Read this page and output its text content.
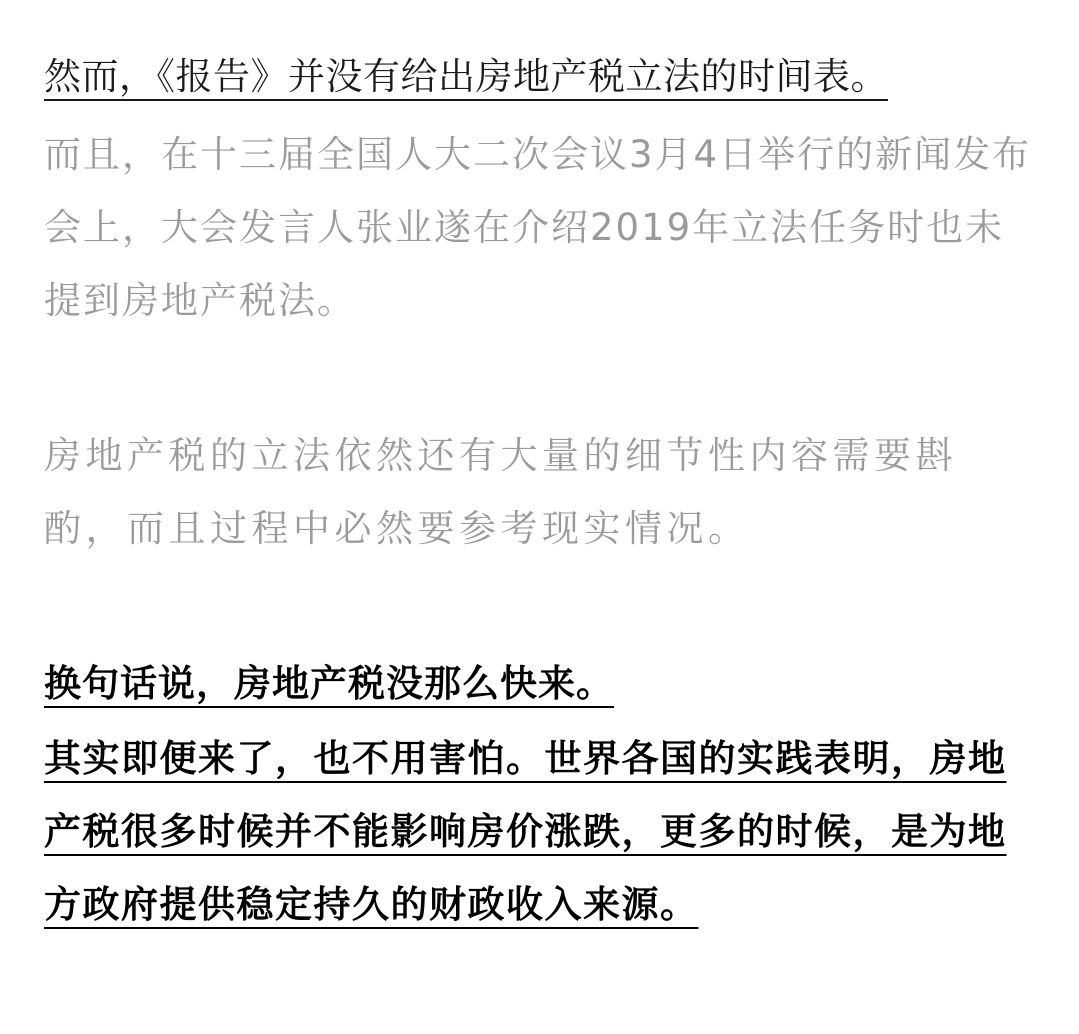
然而，《报告》并没有给出房地产税立法的时间表。

而且，在十三届全国人大二次会议3月4日举行的新闻发布会上，大会发言人张业遂在介绍2019年立法任务时也未提到房地产税法。

房地产税的立法依然还有大量的细节性内容需要斟酌，而且过程中必然要参考现实情况。

换句话说，房地产税没那么快来。

其实即便来了，也不用害怕。世界各国的实践表明，房地产税很多时候并不能影响房价涨跌，更多的时候，是为地方政府提供稳定持久的财政收入来源。
